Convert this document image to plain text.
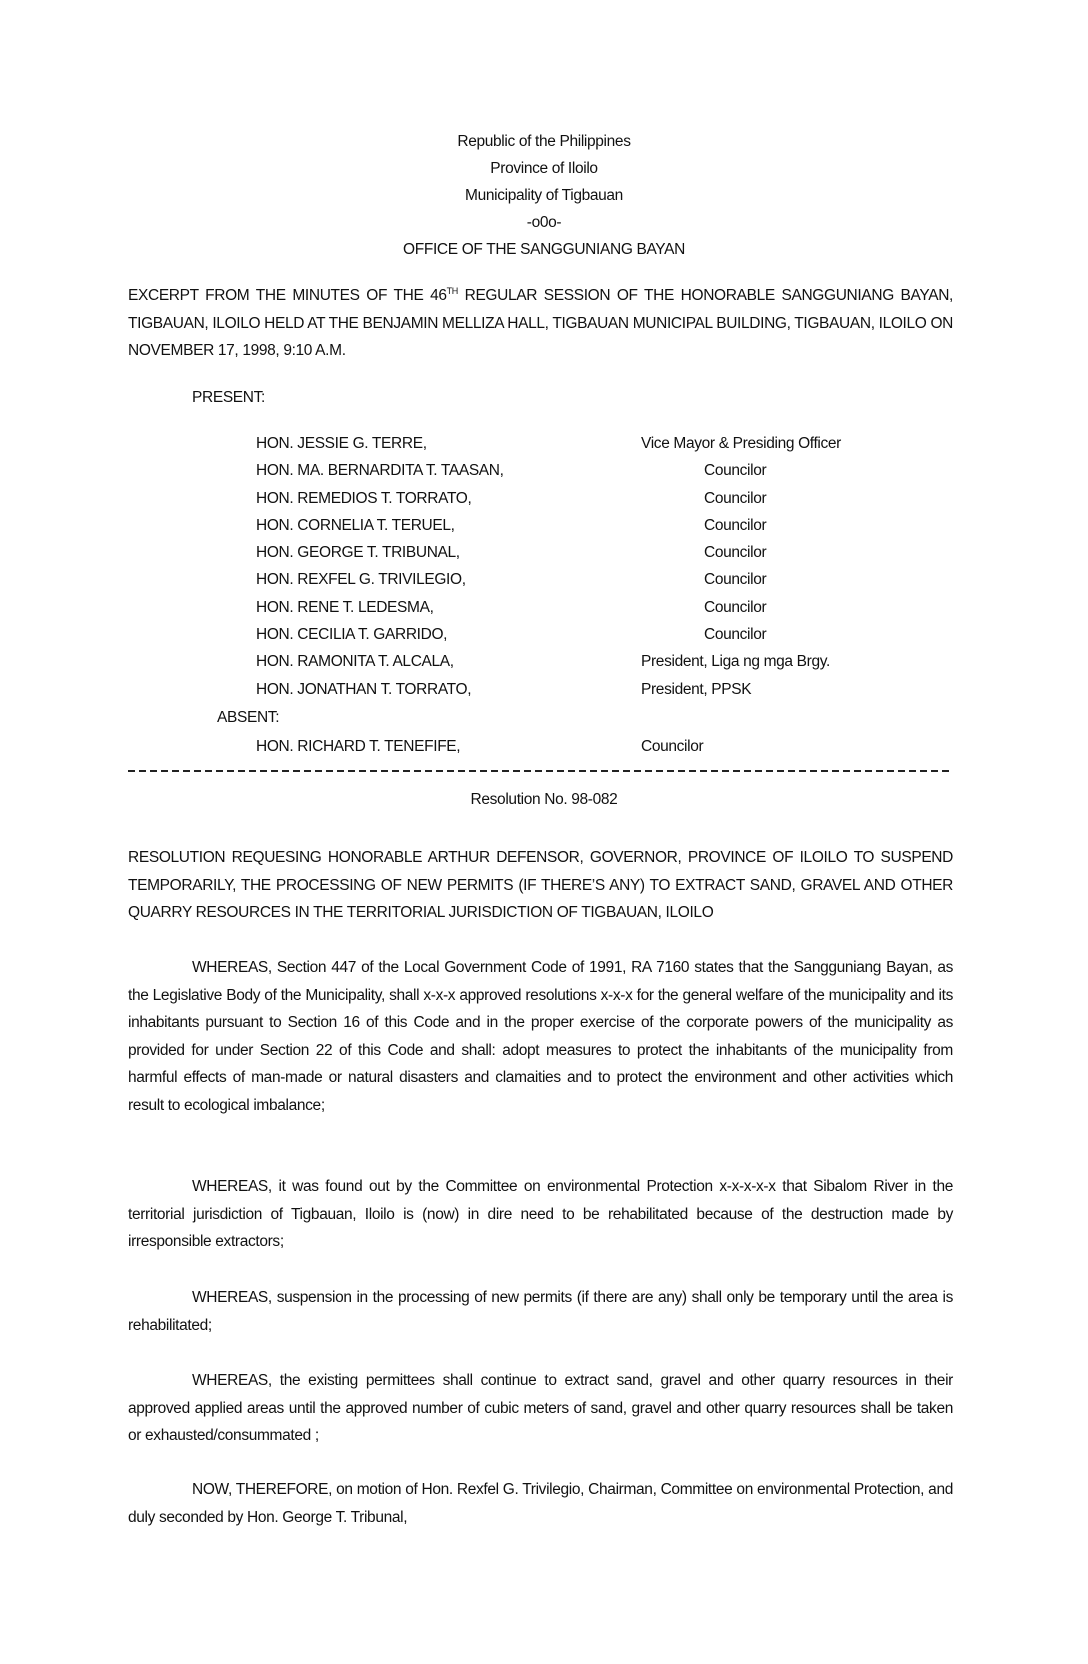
Republic of the Philippines
Province of Iloilo
Municipality of Tigbauan
-o0o-
OFFICE OF THE SANGGUNIANG BAYAN
EXCERPT FROM THE MINUTES OF THE 46TH REGULAR SESSION OF THE HONORABLE SANGGUNIANG BAYAN, TIGBAUAN, ILOILO HELD AT THE BENJAMIN MELLIZA HALL, TIGBAUAN MUNICIPAL BUILDING, TIGBAUAN, ILOILO ON NOVEMBER 17, 1998, 9:10 A.M.
PRESENT:
HON. JESSIE G. TERRE,	Vice Mayor & Presiding Officer
HON. MA. BERNARDITA T. TAASAN,	Councilor
HON. REMEDIOS T. TORRATO,	Councilor
HON. CORNELIA T. TERUEL,	Councilor
HON. GEORGE T. TRIBUNAL,	Councilor
HON. REXFEL G. TRIVILEGIO,	Councilor
HON. RENE T. LEDESMA,	Councilor
HON. CECILIA T. GARRIDO,	Councilor
HON. RAMONITA T. ALCALA,	President, Liga ng mga Brgy.
HON. JONATHAN T. TORRATO,	President, PPSK
ABSENT:
HON. RICHARD T. TENEFIFE,	Councilor
Resolution No. 98-082
RESOLUTION REQUESING HONORABLE ARTHUR DEFENSOR, GOVERNOR, PROVINCE OF ILOILO TO SUSPEND TEMPORARILY, THE PROCESSING OF NEW PERMITS (IF THERE’S ANY) TO EXTRACT SAND, GRAVEL AND OTHER QUARRY RESOURCES IN THE TERRITORIAL JURISDICTION OF TIGBAUAN, ILOILO
WHEREAS, Section 447 of the Local Government Code of 1991, RA 7160 states that the Sangguniang Bayan, as the Legislative Body of the Municipality, shall x-x-x approved resolutions x-x-x for the general welfare of the municipality and its inhabitants pursuant to Section 16 of this Code and in the proper exercise of the corporate powers of the municipality as provided for under Section 22 of this Code and shall: adopt measures to protect the inhabitants of the municipality from harmful effects of man-made or natural disasters and clamaities and to protect the environment and other activities which result to ecological imbalance;
WHEREAS, it was found out by the Committee on environmental Protection x-x-x-x-x that Sibalom River in the territorial jurisdiction of Tigbauan, Iloilo is (now) in dire need to be rehabilitated because of the destruction made by irresponsible extractors;
WHEREAS, suspension in the processing of new permits (if there are any) shall only be temporary until the area is rehabilitated;
WHEREAS, the existing permittees shall continue to extract sand, gravel and other quarry resources in their approved applied areas until the approved number of cubic meters of sand, gravel and other quarry resources shall be taken or exhausted/consummated ;
NOW, THEREFORE, on motion of Hon. Rexfel G. Trivilegio, Chairman, Committee on environmental Protection, and duly seconded by Hon. George T. Tribunal,
